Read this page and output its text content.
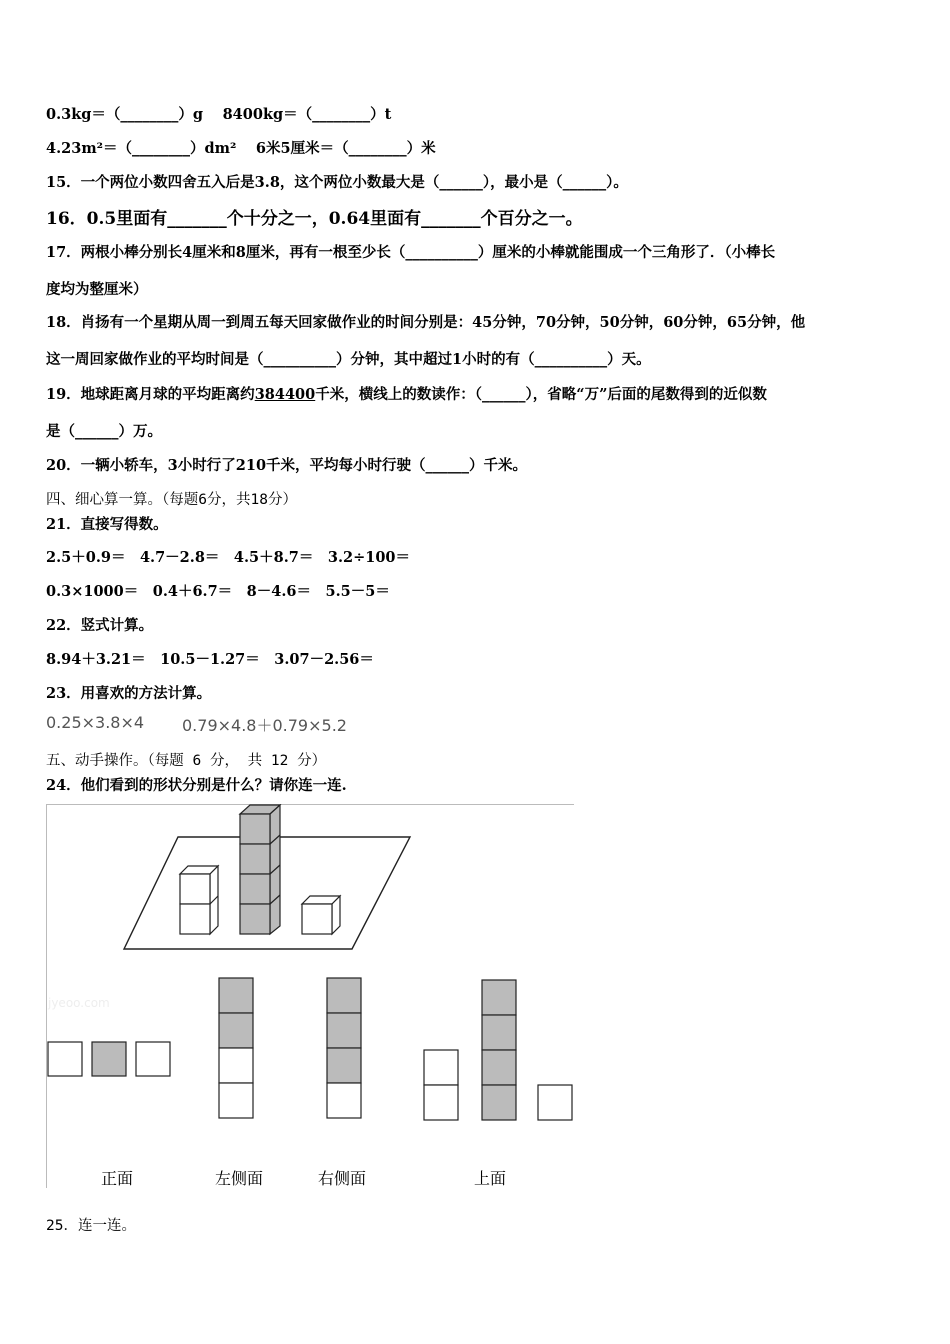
0.3kg＝（________）g　 8400kg＝（________）t
4.23m²＝（________）dm²　 6米5厘米＝（________）米
15．一个两位小数四舍五入后是3.8，这个两位小数最大是（______），最小是（______）。
16．0.5里面有_______个十分之一，0.64里面有_______个百分之一。
17．两根小棒分别长4厘米和8厘米，再有一根至少长（__________）厘米的小棒就能围成一个三角形了．（小棒长
度均为整厘米）
18．肖扬有一个星期从周一到周五每天回家做作业的时间分别是：45分钟，70分钟，50分钟，60分钟，65分钟，他
这一周回家做作业的平均时间是（__________）分钟，其中超过1小时的有（__________）天。
19．地球距离月球的平均距离约384400千米，横线上的数读作：（______），省略“万”后面的尾数得到的近似数
是（______）万。
20．一辆小轿车，3小时行了210千米，平均每小时行驶（______）千米。
四、细心算一算。（每题6分，共18分）
21．直接写得数。
2.5＋0.9＝　4.7－2.8＝　4.5＋8.7＝　3.2÷100＝
0.3×1000＝　0.4＋6.7＝　8－4.6＝　5.5－5＝
22．竖式计算。
8.94＋3.21＝　10.5－1.27＝　3.07－2.56＝
23．用喜欢的方法计算。
0.25×3.8×4 0.79×4.8＋0.79×5.2
五、动手操作。（每题 6 分， 共 12 分）
24．他们看到的形状分别是什么？请你连一连.
jyeoo.com
正面	左侧面	右侧面	上面
25．连一连。
